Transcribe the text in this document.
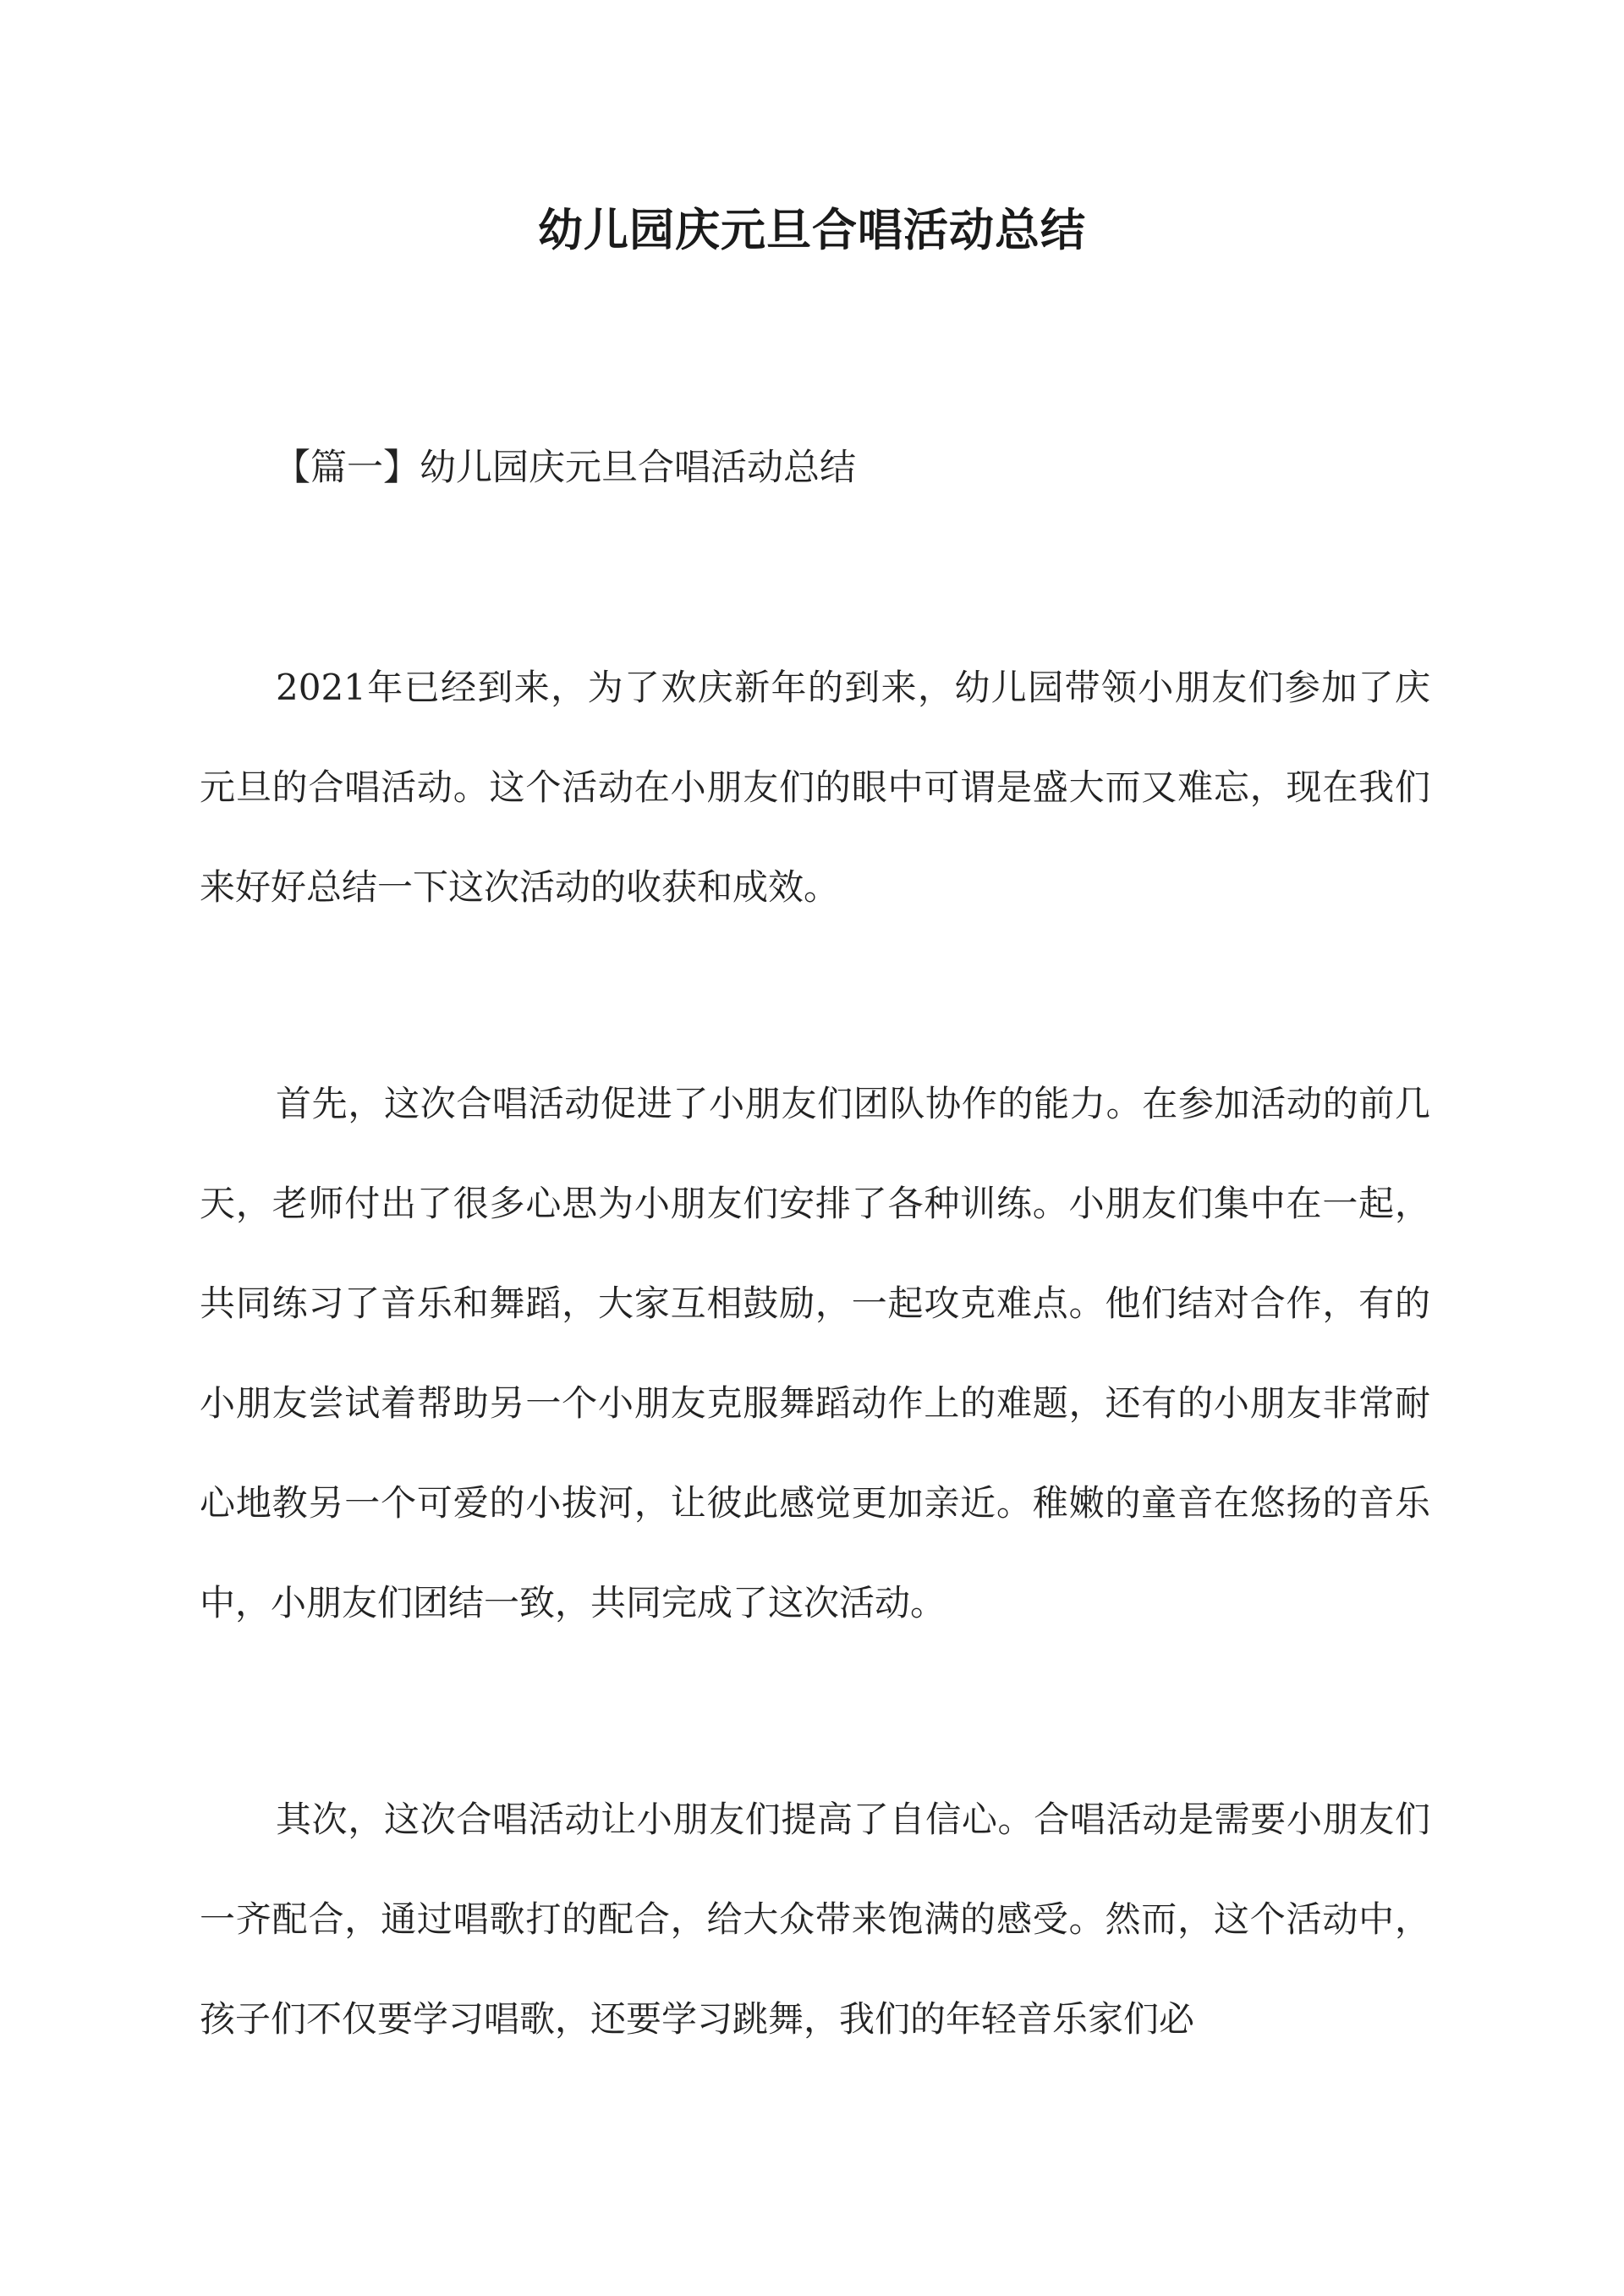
幼儿园庆元旦合唱活动总结

【篇一】幼儿园庆元旦合唱活动总结

2021年已经到来，为了欢庆新年的到来，幼儿园带领小朋友们参加了庆元旦的合唱活动。这个活动在小朋友们的眼中可谓是盛大而又难忘，现在我们来好好总结一下这次活动的收获和成效。

首先，这次合唱活动促进了小朋友们团队协作的能力。在参加活动的前几天，老师付出了很多心思为小朋友们安排了各种训练。小朋友们集中在一起，共同练习了音乐和舞蹈，大家互相鼓励，一起攻克难点。他们结对合作，有的小朋友尝试着帮助另一个小朋友克服舞蹈动作上的难题，还有的小朋友非常耐心地教另一个可爱的小拔河，让彼此感觉更加亲近。稚嫩的童音在悠扬的音乐中，小朋友们团结一致，共同完成了这次活动。

其次，这次合唱活动让小朋友们提高了自信心。合唱活动是需要小朋友们一齐配合，通过唱歌打的配合，给大众带来饱满的感受。然而，这个活动中，孩子们不仅要学习唱歌，还要学习跳舞，我们的年轻音乐家们必
